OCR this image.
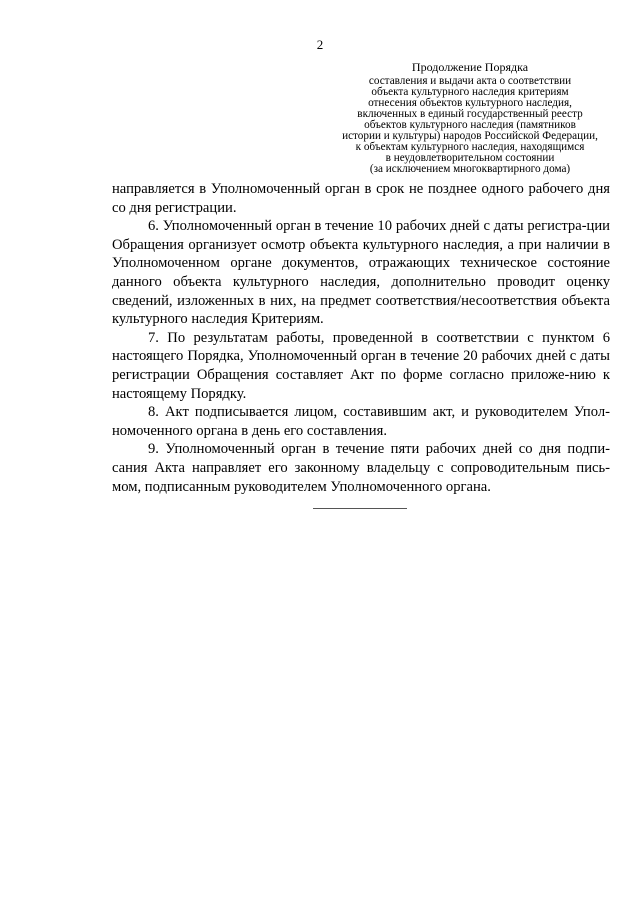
2
Продолжение Порядка
составления и выдачи акта о соответствии
объекта культурного наследия критериям
отнесения объектов культурного наследия,
включенных в единый государственный реестр
объектов культурного наследия (памятников
истории и культуры) народов Российской Федерации,
к объектам культурного наследия, находящимся
в неудовлетворительном состоянии
(за исключением многоквартирного дома)

направляется в Уполномоченный орган в срок не позднее одного рабочего дня со дня регистрации.

6. Уполномоченный орган в течение 10 рабочих дней с даты регистра-ции Обращения организует осмотр объекта культурного наследия, а при наличии в Уполномоченном органе документов, отражающих техническое состояние данного объекта культурного наследия, дополнительно проводит оценку сведений, изложенных в них, на предмет соответствия/несоответствия объекта культурного наследия Критериям.

7. По результатам работы, проведенной в соответствии с пунктом 6 настоящего Порядка, Уполномоченный орган в течение 20 рабочих дней с даты регистрации Обращения составляет Акт по форме согласно приложе-нию к настоящему Порядку.

8. Акт подписывается лицом, составившим акт, и руководителем Упол-номоченного органа в день его составления.

9. Уполномоченный орган в течение пяти рабочих дней со дня подпи-сания Акта направляет его законному владельцу с сопроводительным пись-мом, подписанным руководителем Уполномоченного органа.
